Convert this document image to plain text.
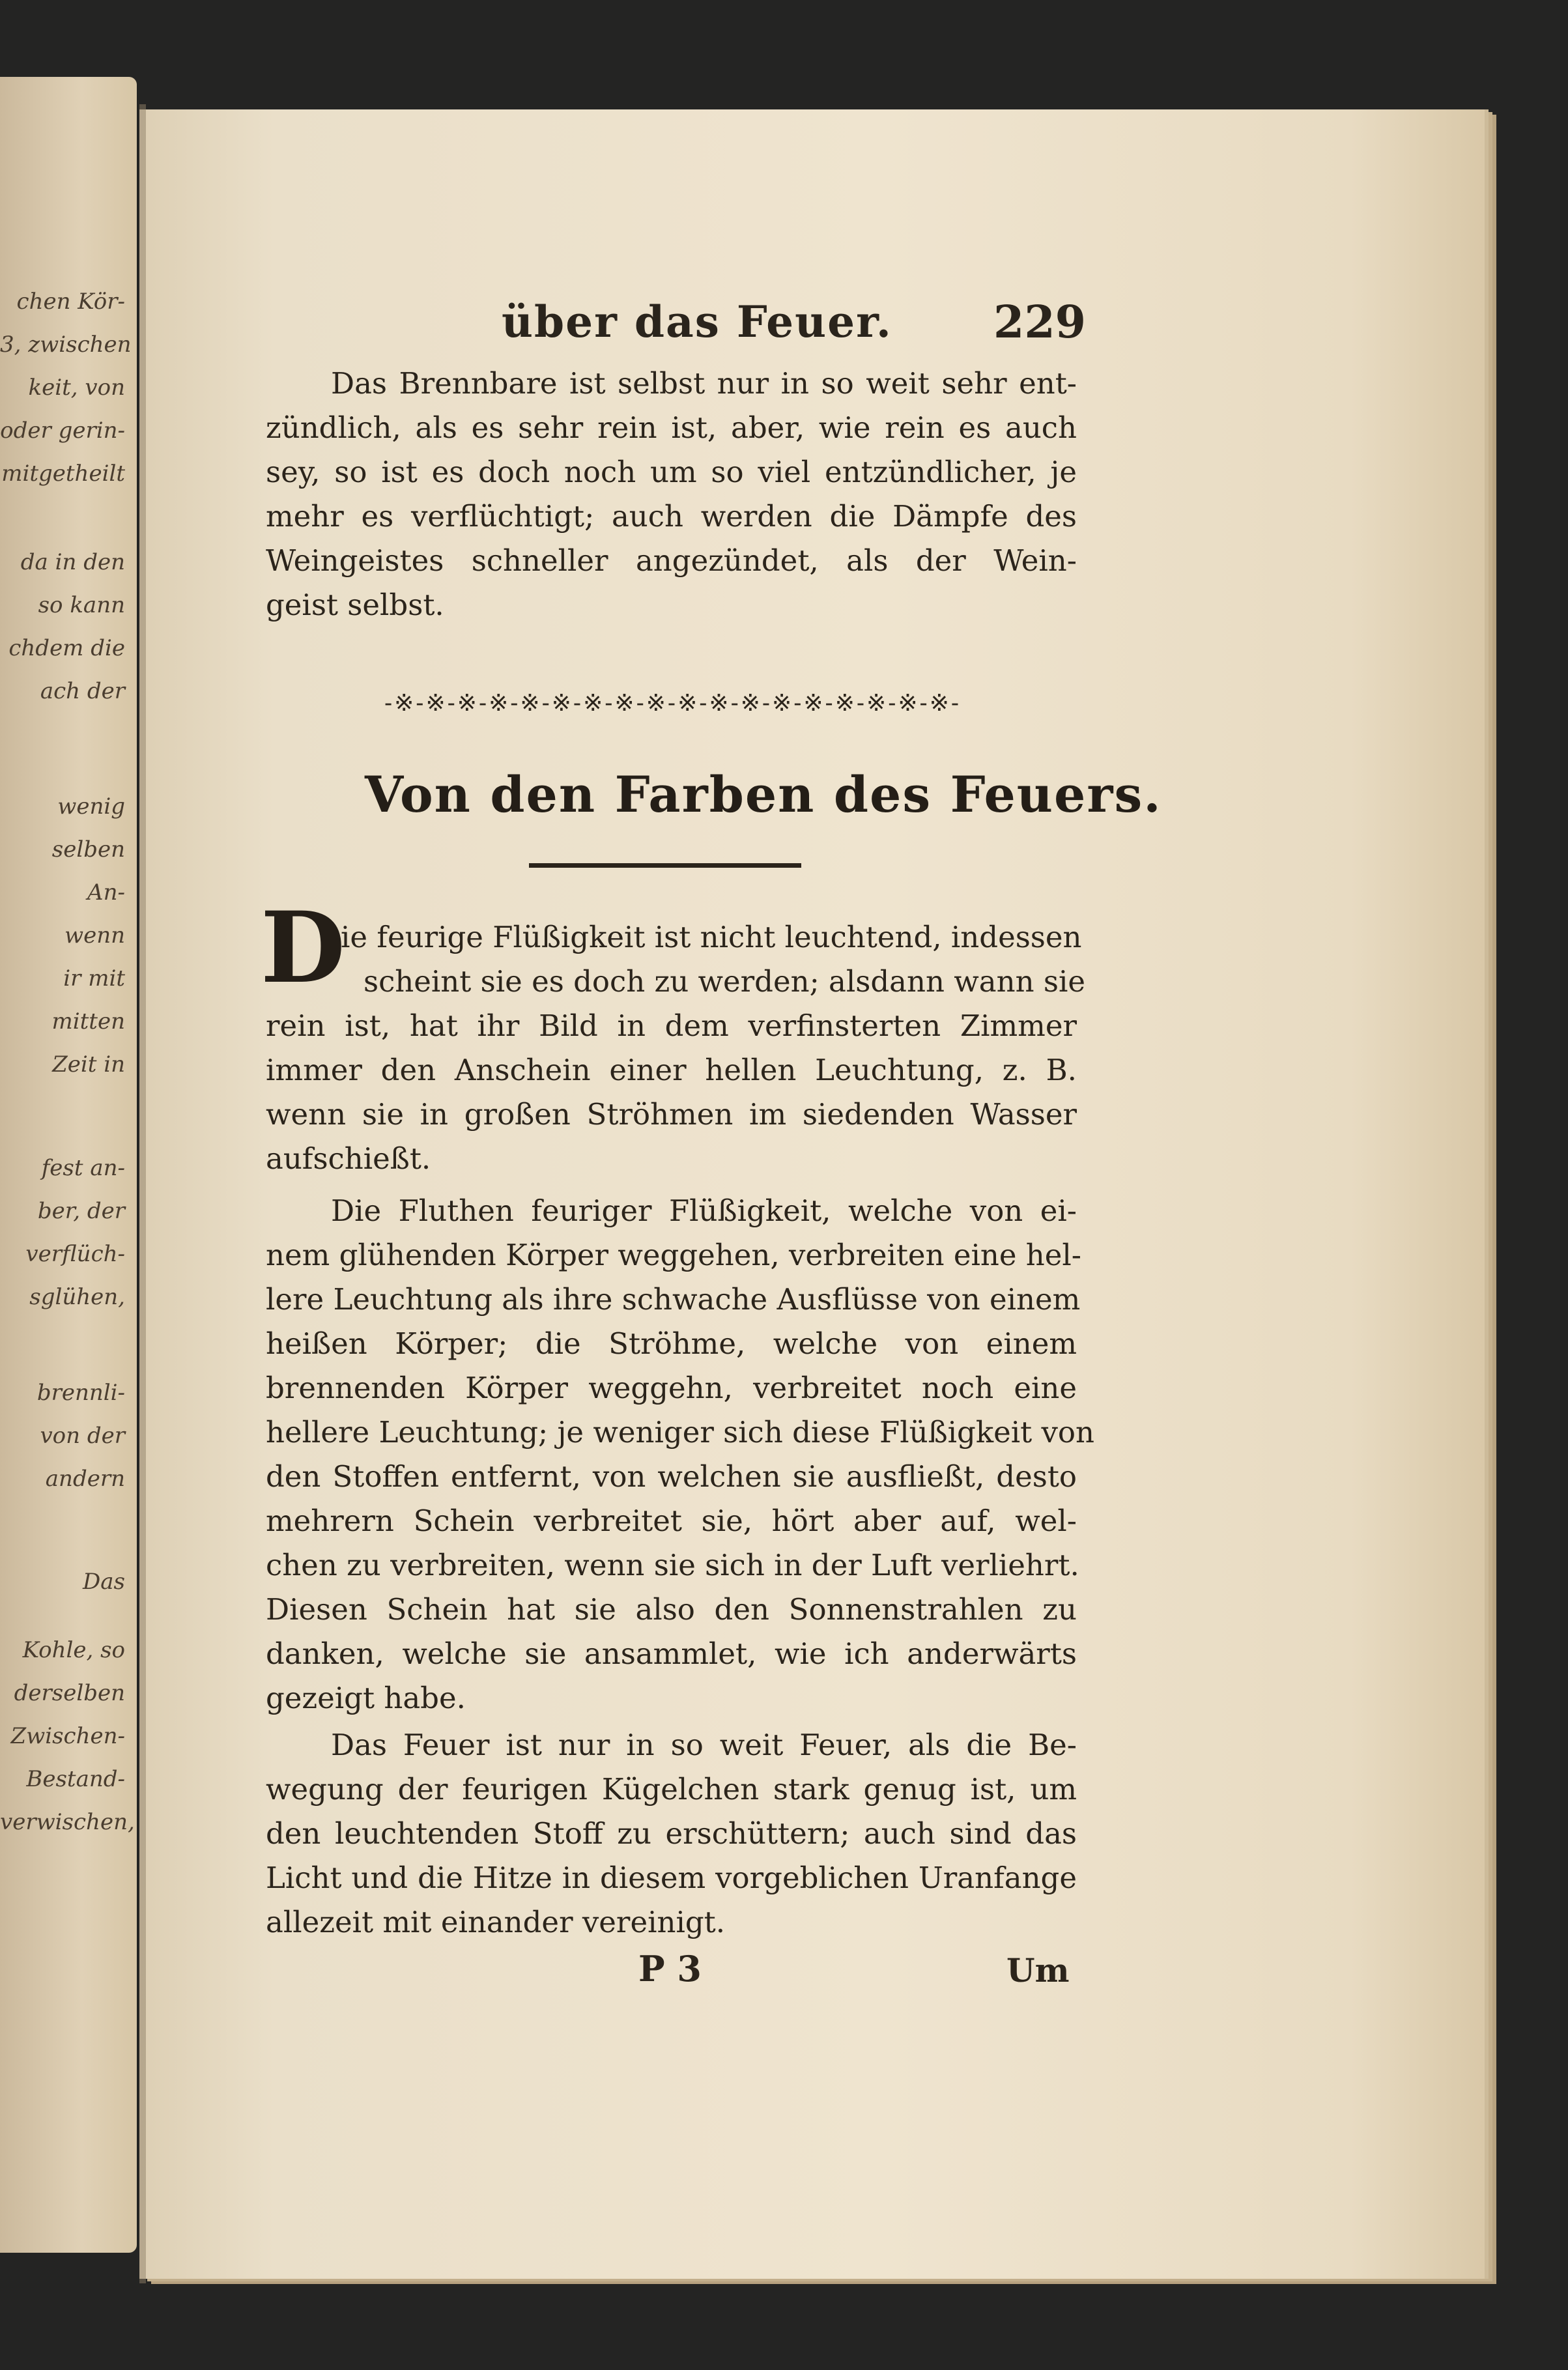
chen Kör-
3, zwischen
keit, von
oder gerin-
mitgetheilt
da in den
so kann
chdem die
ach der
wenig
selben
An-
wenn
ir mit
mitten
Zeit in
fest an-
ber, der
verflüch-
sglühen,
brennli-
von der
andern
Das
Kohle, so
derselben
Zwischen-
Bestand-
verwischen,
über das Feuer. 229
Das Brennbare ist selbst nur in so weit sehr ent-
zündlich, als es sehr rein ist, aber, wie rein es auch
sey, so ist es doch noch um so viel entzündlicher, je
mehr es verflüchtigt; auch werden die Dämpfe des
Weingeistes schneller angezündet, als der Wein-
geist selbst.
-※-※-※-※-※-※-※-※-※-※-※-※-※-※-※-※-※-※-
Von den Farben des Feuers.
D
ie feurige Flüßigkeit ist nicht leuchtend, indessen
scheint sie es doch zu werden; alsdann wann sie
rein ist, hat ihr Bild in dem verfinsterten Zimmer
immer den Anschein einer hellen Leuchtung, z. B.
wenn sie in großen Ströhmen im siedenden Wasser
aufschießt.
Die Fluthen feuriger Flüßigkeit, welche von ei-
nem glühenden Körper weggehen, verbreiten eine hel-
lere Leuchtung als ihre schwache Ausflüsse von einem
heißen Körper; die Ströhme, welche von einem
brennenden Körper weggehn, verbreitet noch eine
hellere Leuchtung; je weniger sich diese Flüßigkeit von
den Stoffen entfernt, von welchen sie ausfließt, desto
mehrern Schein verbreitet sie, hört aber auf, wel-
chen zu verbreiten, wenn sie sich in der Luft verliehrt.
Diesen Schein hat sie also den Sonnenstrahlen zu
danken, welche sie ansammlet, wie ich anderwärts
gezeigt habe.
Das Feuer ist nur in so weit Feuer, als die Be-
wegung der feurigen Kügelchen stark genug ist, um
den leuchtenden Stoff zu erschüttern; auch sind das
Licht und die Hitze in diesem vorgeblichen Uranfange
allezeit mit einander vereinigt.
P 3	Um
